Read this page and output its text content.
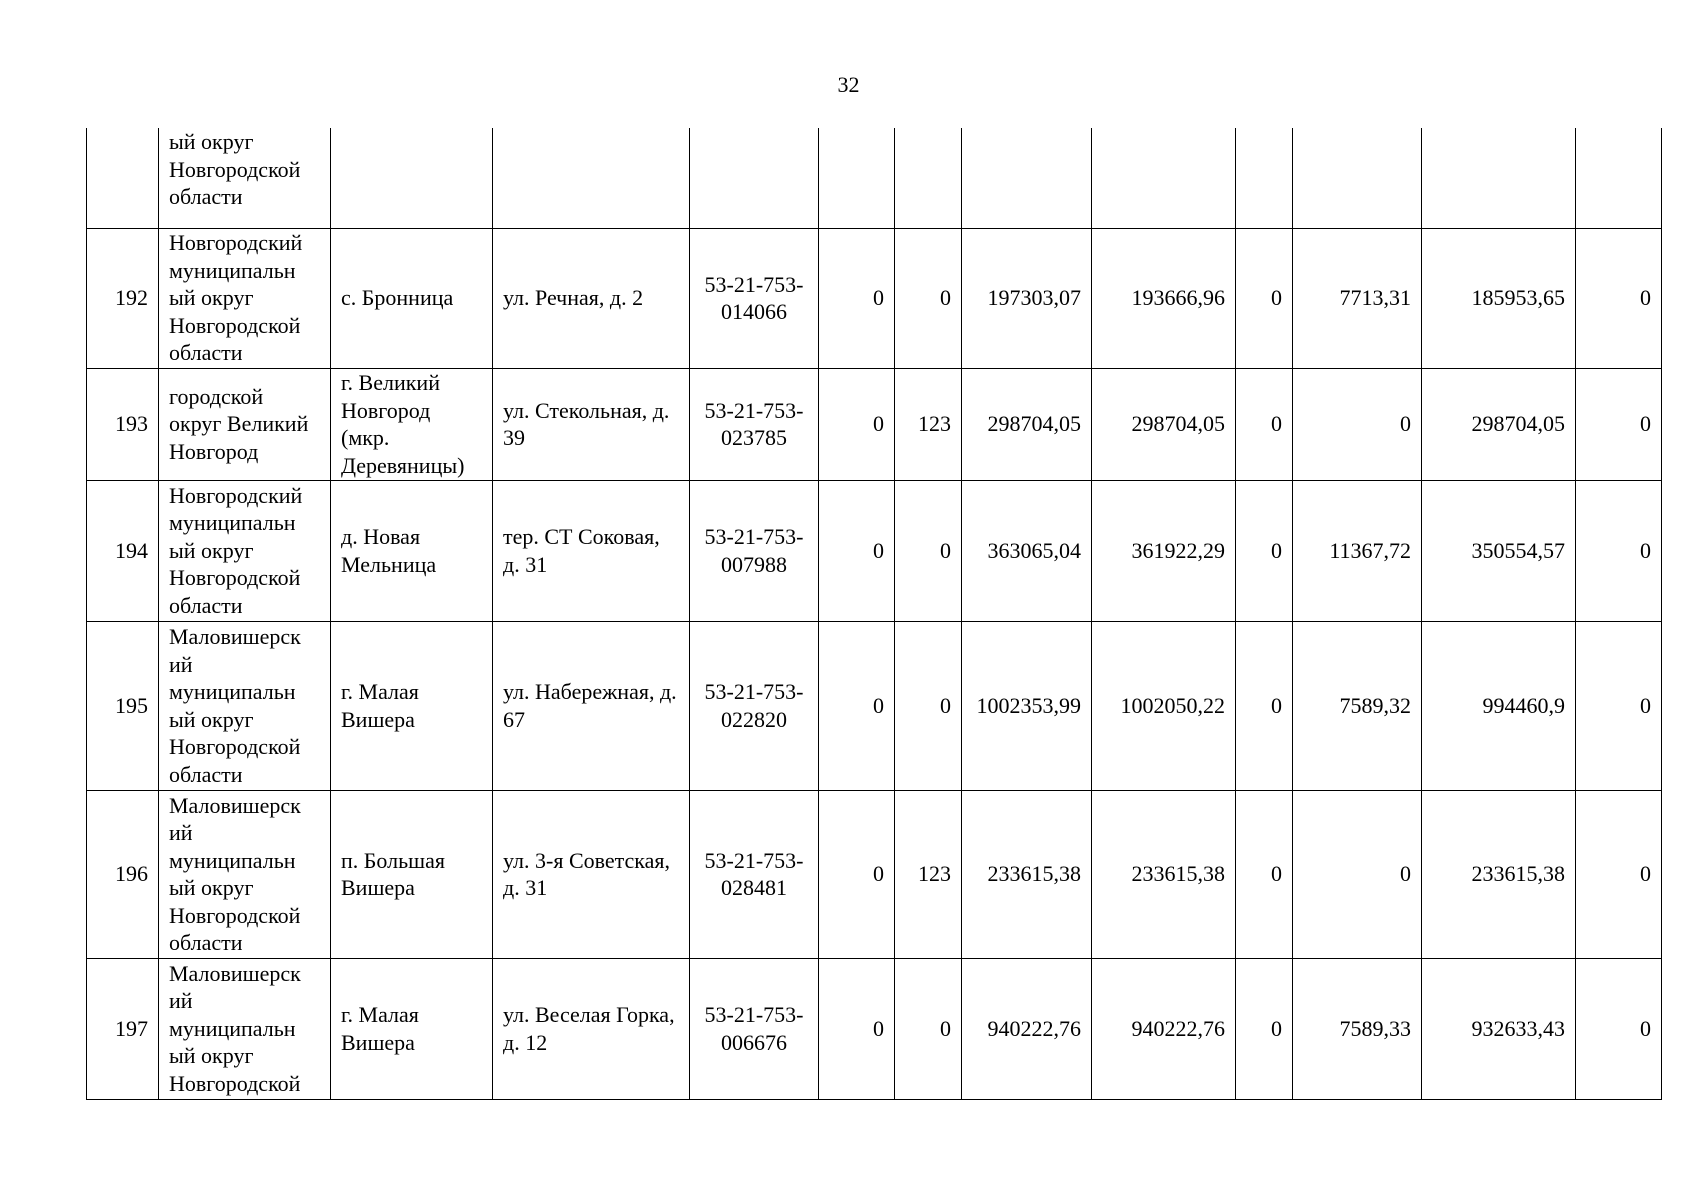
32
	ый округ Новгородской области											
192	Новгородский муниципальн ый округ Новгородской области	с. Бронница	ул. Речная, д. 2	53-21-753-014066	0	0	197303,07	193666,96	0	7713,31	185953,65	0
193	городской округ Великий Новгород	г. Великий Новгород (мкр. Деревяницы)	ул. Стекольная, д. 39	53-21-753-023785	0	123	298704,05	298704,05	0	0	298704,05	0
194	Новгородский муниципальн ый округ Новгородской области	д. Новая Мельница	тер. СТ Соковая, д. 31	53-21-753-007988	0	0	363065,04	361922,29	0	11367,72	350554,57	0
195	Маловишерск ий муниципальн ый округ Новгородской области	г. Малая Вишера	ул. Набережная, д. 67	53-21-753-022820	0	0	1002353,99	1002050,22	0	7589,32	994460,9	0
196	Маловишерск ий муниципальн ый округ Новгородской области	п. Большая Вишера	ул. 3-я Советская, д. 31	53-21-753-028481	0	123	233615,38	233615,38	0	0	233615,38	0
197	Маловишерск ий муниципальн ый округ Новгородской	г. Малая Вишера	ул. Веселая Горка, д. 12	53-21-753-006676	0	0	940222,76	940222,76	0	7589,33	932633,43	0
